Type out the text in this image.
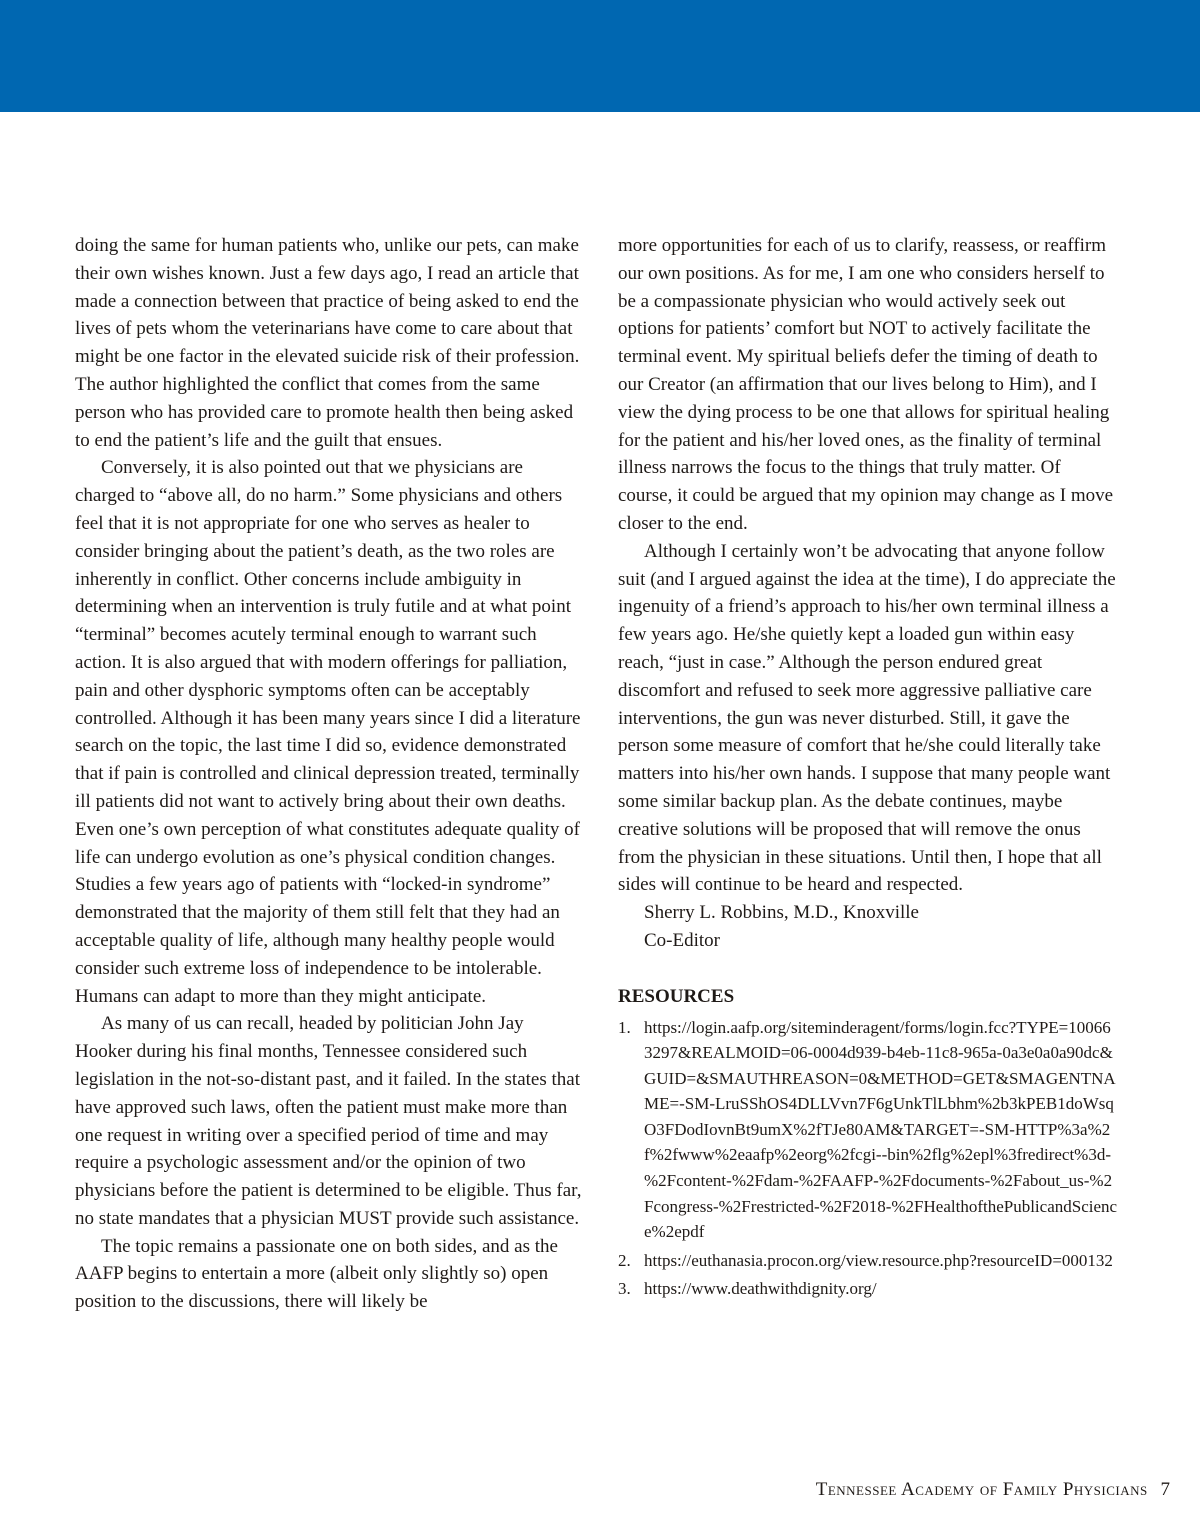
doing the same for human patients who, unlike our pets, can make their own wishes known. Just a few days ago, I read an article that made a connection between that practice of being asked to end the lives of pets whom the veterinarians have come to care about that might be one factor in the elevated suicide risk of their profession. The author highlighted the conflict that comes from the same person who has provided care to promote health then being asked to end the patient’s life and the guilt that ensues.

Conversely, it is also pointed out that we physicians are charged to “above all, do no harm.” Some physicians and others feel that it is not appropriate for one who serves as healer to consider bringing about the patient’s death, as the two roles are inherently in conflict. Other concerns include ambiguity in determining when an intervention is truly futile and at what point “terminal” becomes acutely terminal enough to warrant such action. It is also argued that with modern offerings for palliation, pain and other dysphoric symptoms often can be acceptably controlled. Although it has been many years since I did a literature search on the topic, the last time I did so, evidence demonstrated that if pain is controlled and clinical depression treated, terminally ill patients did not want to actively bring about their own deaths. Even one’s own perception of what constitutes adequate quality of life can undergo evolution as one’s physical condition changes. Studies a few years ago of patients with “locked-in syndrome” demonstrated that the majority of them still felt that they had an acceptable quality of life, although many healthy people would consider such extreme loss of independence to be intolerable. Humans can adapt to more than they might anticipate.

As many of us can recall, headed by politician John Jay Hooker during his final months, Tennessee considered such legislation in the not-so-distant past, and it failed. In the states that have approved such laws, often the patient must make more than one request in writing over a specified period of time and may require a psychologic assessment and/or the opinion of two physicians before the patient is determined to be eligible. Thus far, no state mandates that a physician MUST provide such assistance.

The topic remains a passionate one on both sides, and as the AAFP begins to entertain a more (albeit only slightly so) open position to the discussions, there will likely be

more opportunities for each of us to clarify, reassess, or reaffirm our own positions. As for me, I am one who considers herself to be a compassionate physician who would actively seek out options for patients’ comfort but NOT to actively facilitate the terminal event. My spiritual beliefs defer the timing of death to our Creator (an affirmation that our lives belong to Him), and I view the dying process to be one that allows for spiritual healing for the patient and his/her loved ones, as the finality of terminal illness narrows the focus to the things that truly matter. Of course, it could be argued that my opinion may change as I move closer to the end.

Although I certainly won’t be advocating that anyone follow suit (and I argued against the idea at the time), I do appreciate the ingenuity of a friend’s approach to his/her own terminal illness a few years ago. He/she quietly kept a loaded gun within easy reach, “just in case.” Although the person endured great discomfort and refused to seek more aggressive palliative care interventions, the gun was never disturbed. Still, it gave the person some measure of comfort that he/she could literally take matters into his/her own hands. I suppose that many people want some similar backup plan. As the debate continues, maybe creative solutions will be proposed that will remove the onus from the physician in these situations. Until then, I hope that all sides will continue to be heard and respected.

Sherry L. Robbins, M.D., Knoxville

Co-Editor

RESOURCES
1. https://login.aafp.org/siteminderagent/forms/login.fcc?TYPE=100663297&REALMOID=06-0004d939-b4eb-11c8-965a-0a3e0a0a90dc&GUID=&SMAUTHREASON=0&METHOD=GET&SMAGENTNAME=-SM-LruSShOS4DLLVvn7F6gUnkTlLbhm%2b3kPEB1doWsqO3FDodIovnBt9umX%2fTJe80AM&TARGET=-SM-HTTP%3a%2f%2fwww%2eaafp%2eorg%2fcgi--bin%2flg%2epl%3fredirect%3d-%2Fcontent-%2Fdam-%2FAAFP-%2Fdocuments-%2Fabout_us-%2Fcongress-%2Frestricted-%2F2018-%2FHealthofthePublicandScience%2epdf
2. https://euthanasia.procon.org/view.resource.php?resourceID=000132
3. https://www.deathwithdignity.org/
Tennessee Academy of Family Physicians 7
